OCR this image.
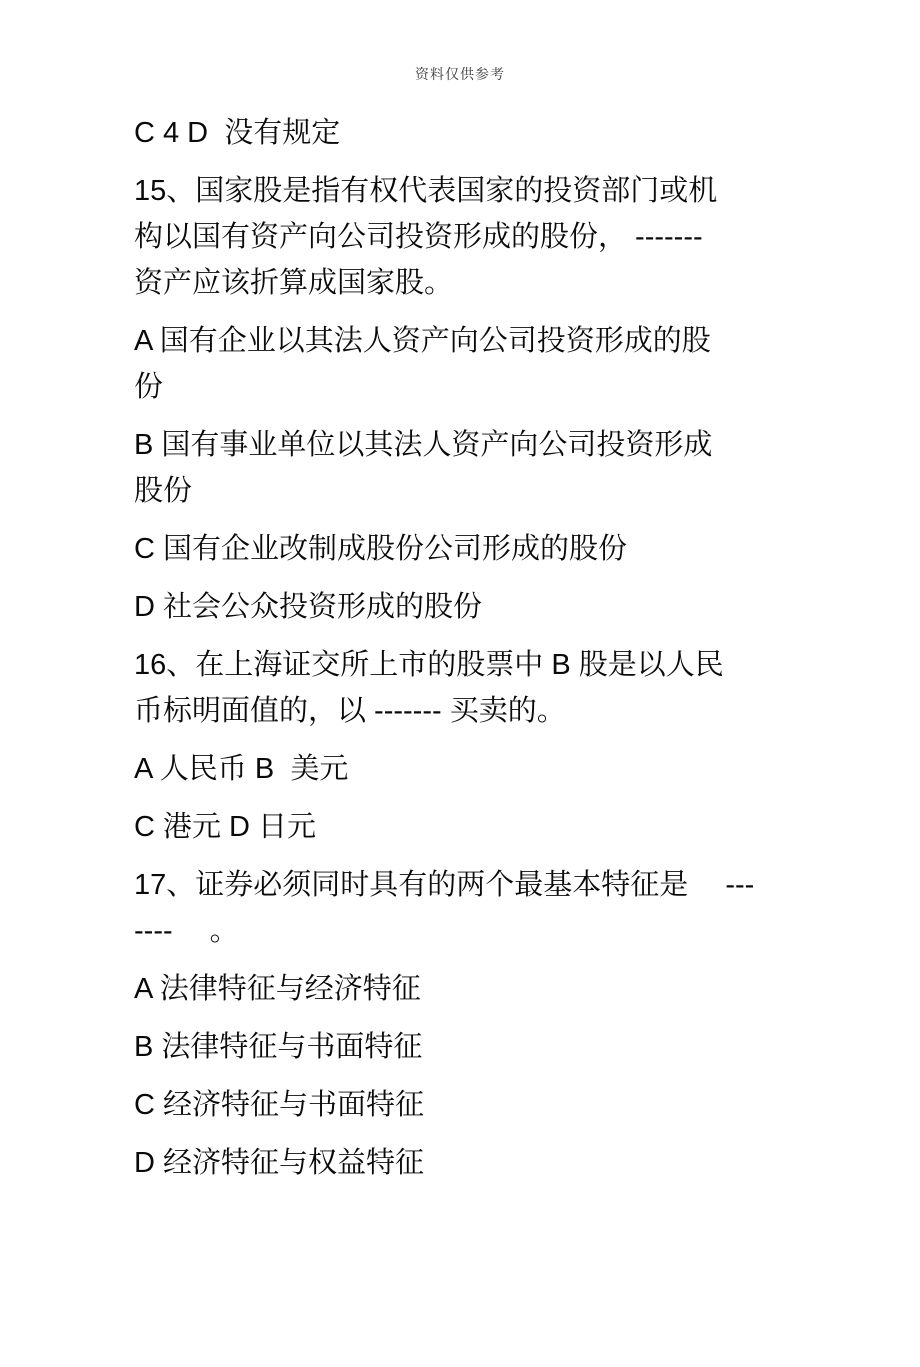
资料仅供参考
C 4 D  没有规定
15、国家股是指有权代表国家的投资部门或机
构以国有资产向公司投资形成的股份， -------
资产应该折算成国家股。
A 国有企业以其法人资产向公司投资形成的股
份
B 国有事业单位以其法人资产向公司投资形成
股份
C 国有企业改制成股份公司形成的股份
D 社会公众投资形成的股份
16、在上海证交所上市的股票中 B 股是以人民
币标明面值的，以 ------- 买卖的。
A 人民币 B  美元
C 港元 D 日元
17、证券必须同时具有的两个最基本特征是　 ---
----　 。
A 法律特征与经济特征
B 法律特征与书面特征
C 经济特征与书面特征
D 经济特征与权益特征
